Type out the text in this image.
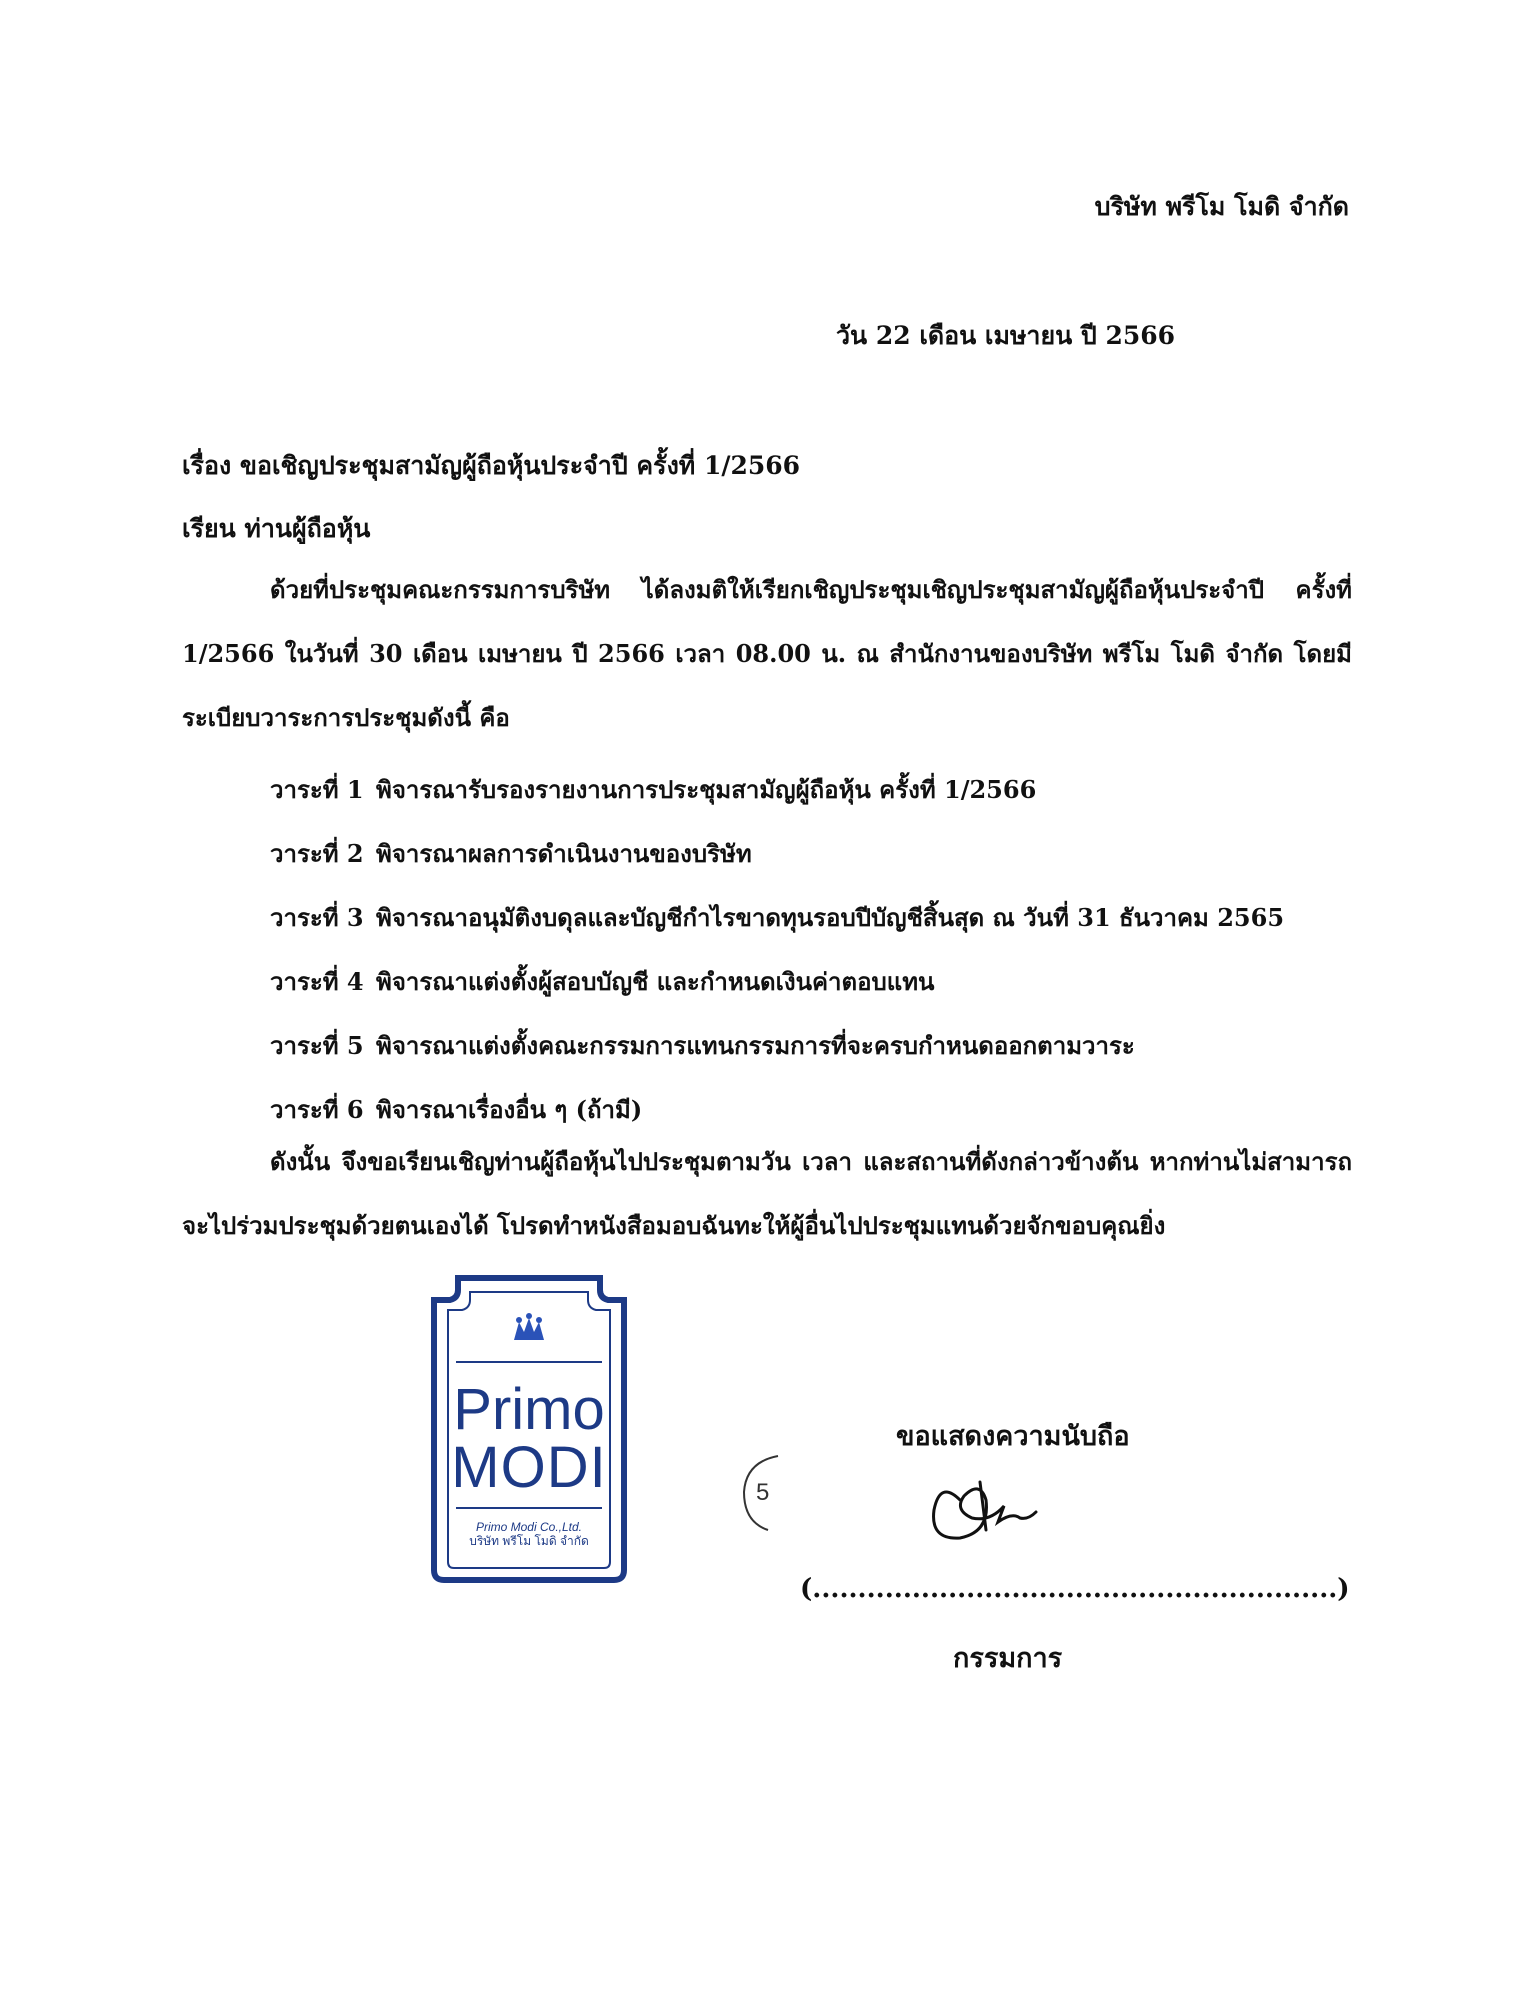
บริษัท พรีโม โมดิ จำกัด
วัน 22 เดือน เมษายน ปี 2566
เรื่อง ขอเชิญประชุมสามัญผู้ถือหุ้นประจำปี ครั้งที่ 1/2566
เรียน ท่านผู้ถือหุ้น
ด้วยที่ประชุมคณะกรรมการบริษัท ได้ลงมติให้เรียกเชิญประชุมเชิญประชุมสามัญผู้ถือหุ้นประจำปี ครั้งที่ 1/2566 ในวันที่ 30 เดือน เมษายน ปี 2566 เวลา 08.00 น. ณ สำนักงานของบริษัท พรีโม โมดิ จำกัด โดยมีระเบียบวาระการประชุมดังนี้ คือ
วาระที่ 1 พิจารณารับรองรายงานการประชุมสามัญผู้ถือหุ้น ครั้งที่ 1/2566
วาระที่ 2 พิจารณาผลการดำเนินงานของบริษัท
วาระที่ 3 พิจารณาอนุมัติงบดุลและบัญชีกำไรขาดทุนรอบปีบัญชีสิ้นสุด ณ วันที่ 31 ธันวาคม 2565
วาระที่ 4 พิจารณาแต่งตั้งผู้สอบบัญชี และกำหนดเงินค่าตอบแทน
วาระที่ 5 พิจารณาแต่งตั้งคณะกรรมการแทนกรรมการที่จะครบกำหนดออกตามวาระ
วาระที่ 6 พิจารณาเรื่องอื่น ๆ (ถ้ามี)
ดังนั้น จึงขอเรียนเชิญท่านผู้ถือหุ้นไปประชุมตามวัน เวลา และสถานที่ดังกล่าวข้างต้น หากท่านไม่สามารถจะไปร่วมประชุมด้วยตนเองได้ โปรดทำหนังสือมอบฉันทะให้ผู้อื่นไปประชุมแทนด้วยจักขอบคุณยิ่ง
Primo
MODI
Primo Modi Co.,Ltd.
บริษัท พรีโม โมดิ จำกัด
5
ขอแสดงความนับถือ
(..........................................................)
กรรมการ
